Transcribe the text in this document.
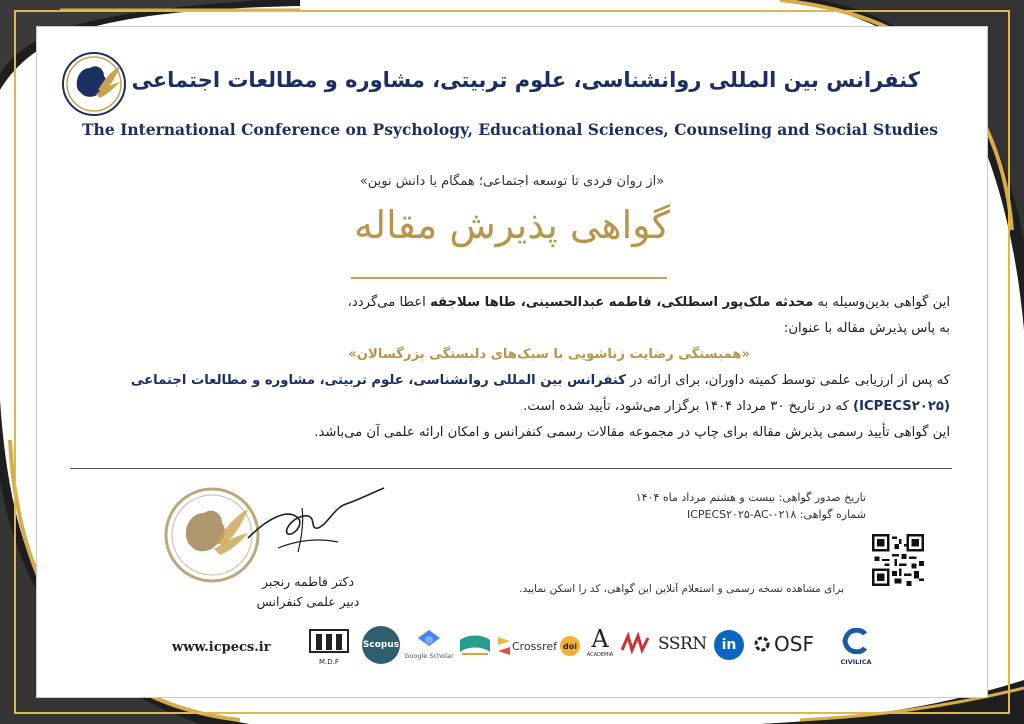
کنفرانس بین المللی روانشناسی، علوم تربیتی، مشاوره و مطالعات اجتماعی
The International Conference on Psychology, Educational Sciences, Counseling and Social Studies
«از روان فردی تا توسعه اجتماعی؛ همگام با دانش نوین»
گواهی پذیرش مقاله
این گواهی بدین‌وسیله به محدثه ملک‌پور اسطلکی، فاطمه عبدالحسینی، طاها سلاجقه اعطا می‌گردد،
به پاس پذیرش مقاله با عنوان:
«همبستگی رضایت زناشویی با سبک‌های دلبستگی بزرگسالان»
که پس از ارزیابی علمی توسط کمیته داوران، برای ارائه در کنفرانس بین المللی روانشناسی، علوم تربیتی، مشاوره و مطالعات اجتماعی
(ICPECS۲۰۲۵) که در تاریخ ۳۰ مرداد ۱۴۰۴ برگزار می‌شود، تأیید شده است.
این گواهی تأیید رسمی پذیرش مقاله برای چاپ در مجموعه مقالات رسمی کنفرانس و امکان ارائه علمی آن می‌باشد.
تاریخ صدور گواهی: بیست و هشتم مرداد ماه ۱۴۰۴
شماره گواهی: ICPECS۲۰۲۵-AC-۰۲۱۸
برای مشاهده نسخه رسمی و استعلام آنلاین این گواهی، کد را اسکن نمایید.
دکتر فاطمه رنجبر
دبیر علمی کنفرانس
www.icpecs.ir
M.D.F
Scopus
Google Scholar
Crossref doi A
ACADEMIA
SSRN in OSF
CIVILICA
